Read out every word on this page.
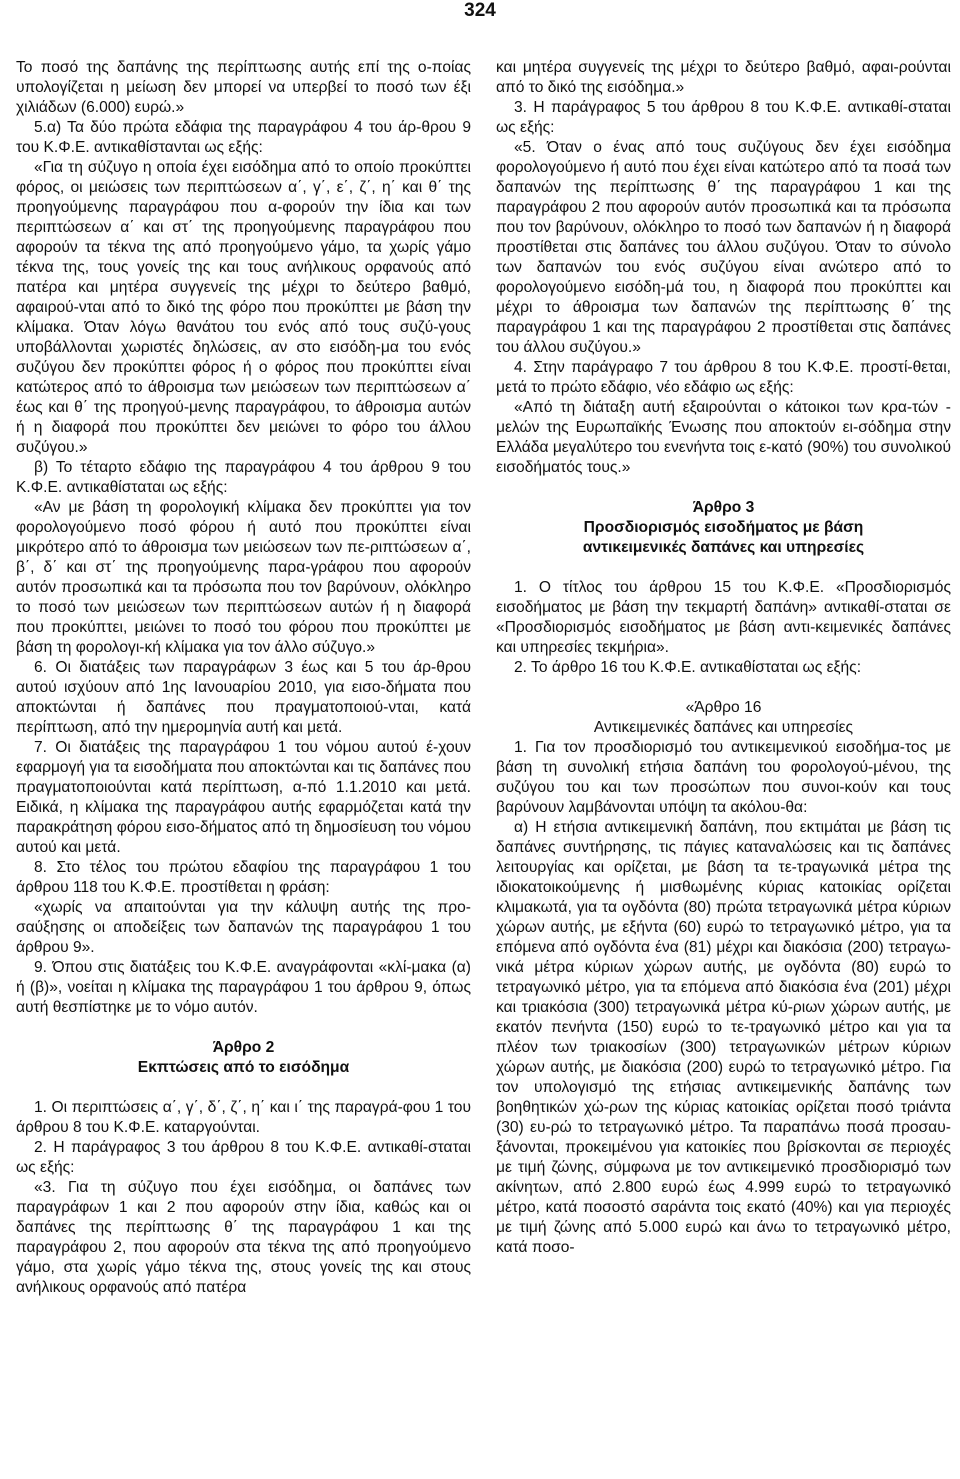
324

Το ποσό της δαπάνης της περίπτωσης αυτής επί της ο-ποίας υπολογίζεται η μείωση δεν μπορεί να υπερβεί το ποσό των έξι χιλιάδων (6.000) ευρώ.»

5.α) Τα δύο πρώτα εδάφια της παραγράφου 4 του άρ-θρου 9 του Κ.Φ.Ε. αντικαθίστανται ως εξής:

«Για τη σύζυγο η οποία έχει εισόδημα από το οποίο προκύπτει φόρος, οι μειώσεις των περιπτώσεων α΄, γ΄, ε΄, ζ΄, η΄ και θ΄ της προηγούμενης παραγράφου που α-φορούν την ίδια και των περιπτώσεων α΄ και στ΄ της προηγούμενης παραγράφου που αφορούν τα τέκνα της από προηγούμενο γάμο, τα χωρίς γάμο τέκνα της, τους γονείς της και τους ανήλικους ορφανούς από πατέρα και μητέρα συγγενείς της μέχρι το δεύτερο βαθμό, αφαιρού-νται από το δικό της φόρο που προκύπτει με βάση την κλίμακα. Όταν λόγω θανάτου του ενός από τους συζύ-γους υποβάλλονται χωριστές δηλώσεις, αν στο εισόδη-μα του ενός συζύγου δεν προκύπτει φόρος ή ο φόρος που προκύπτει είναι κατώτερος από το άθροισμα των μειώσεων των περιπτώσεων α΄ έως και θ΄ της προηγού-μενης παραγράφου, το άθροισμα αυτών ή η διαφορά που προκύπτει δεν μειώνει το φόρο του άλλου συζύγου.»

β) Το τέταρτο εδάφιο της παραγράφου 4 του άρθρου 9 του Κ.Φ.Ε. αντικαθίσταται ως εξής:

«Αν με βάση τη φορολογική κλίμακα δεν προκύπτει για τον φορολογούμενο ποσό φόρου ή αυτό που προκύπτει είναι μικρότερο από το άθροισμα των μειώσεων των πε-ριπτώσεων α΄, β΄, δ΄ και στ΄ της προηγούμενης παρα-γράφου που αφορούν αυτόν προσωπικά και τα πρόσωπα που τον βαρύνουν, ολόκληρο το ποσό των μειώσεων των περιπτώσεων αυτών ή η διαφορά που προκύπτει, μειώνει το ποσό του φόρου που προκύπτει με βάση τη φορολογι-κή κλίμακα για τον άλλο σύζυγο.»

6. Οι διατάξεις των παραγράφων 3 έως και 5 του άρ-θρου αυτού ισχύουν από 1ης Ιανουαρίου 2010, για εισο-δήματα που αποκτώνται ή δαπάνες που πραγματοποιού-νται, κατά περίπτωση, από την ημερομηνία αυτή και μετά.

7. Οι διατάξεις της παραγράφου 1 του νόμου αυτού έ-χουν εφαρμογή για τα εισοδήματα που αποκτώνται και τις δαπάνες που πραγματοποιούνται κατά περίπτωση, α-πό 1.1.2010 και μετά. Ειδικά, η κλίμακα της παραγράφου αυτής εφαρμόζεται κατά την παρακράτηση φόρου εισο-δήματος από τη δημοσίευση του νόμου αυτού και μετά.

8. Στο τέλος του πρώτου εδαφίου της παραγράφου 1 του άρθρου 118 του Κ.Φ.Ε. προστίθεται η φράση:

«χωρίς να απαιτούνται για την κάλυψη αυτής της προ-σαύξησης οι αποδείξεις των δαπανών της παραγράφου 1 του άρθρου 9».

9. Όπου στις διατάξεις του Κ.Φ.Ε. αναγράφονται «κλί-μακα (α) ή (β)», νοείται η κλίμακα της παραγράφου 1 του άρθρου 9, όπως αυτή θεσπίστηκε με το νόμο αυτόν.

Άρθρο 2

Εκπτώσεις από το εισόδημα

1. Οι περιπτώσεις α΄, γ΄, δ΄, ζ΄, η΄ και ι΄ της παραγρά-φου 1 του άρθρου 8 του Κ.Φ.Ε. καταργούνται.

2. Η παράγραφος 3 του άρθρου 8 του Κ.Φ.Ε. αντικαθί-σταται ως εξής:

«3. Για τη σύζυγο που έχει εισόδημα, οι δαπάνες των παραγράφων 1 και 2 που αφορούν στην ίδια, καθώς και οι δαπάνες της περίπτωσης θ΄ της παραγράφου 1 και της παραγράφου 2, που αφορούν στα τέκνα της από προηγούμενο γάμο, στα χωρίς γάμο τέκνα της, στους γονείς της και στους ανήλικους ορφανούς από πατέρα

και μητέρα συγγενείς της μέχρι το δεύτερο βαθμό, αφαι-ρούνται από το δικό της εισόδημα.»

3. Η παράγραφος 5 του άρθρου 8 του Κ.Φ.Ε. αντικαθί-σταται ως εξής:

«5. Όταν ο ένας από τους συζύγους δεν έχει εισόδημα φορολογούμενο ή αυτό που έχει είναι κατώτερο από τα ποσά των δαπανών της περίπτωσης θ΄ της παραγράφου 1 και της παραγράφου 2 που αφορούν αυτόν προσωπικά και τα πρόσωπα που τον βαρύνουν, ολόκληρο το ποσό των δαπανών ή η διαφορά προστίθεται στις δαπάνες του άλλου συζύγου. Όταν το σύνολο των δαπανών του ενός συζύγου είναι ανώτερο από το φορολογούμενο εισόδη-μά του, η διαφορά που προκύπτει και μέχρι το άθροισμα των δαπανών της περίπτωσης θ΄ της παραγράφου 1 και της παραγράφου 2 προστίθεται στις δαπάνες του άλλου συζύγου.»

4. Στην παράγραφο 7 του άρθρου 8 του Κ.Φ.Ε. προστί-θεται, μετά το πρώτο εδάφιο, νέο εδάφιο ως εξής:

«Από τη διάταξη αυτή εξαιρούνται ο κάτοικοι των κρα-τών - μελών της Ευρωπαϊκής Ένωσης που αποκτούν ει-σόδημα στην Ελλάδα μεγαλύτερο του ενενήντα τοις ε-κατό (90%) του συνολικού εισοδήματός τους.»

Άρθρο 3

Προσδιορισμός εισοδήματος με βάση

αντικειμενικές δαπάνες και υπηρεσίες

1. Ο τίτλος του άρθρου 15 του Κ.Φ.Ε. «Προσδιορισμός εισοδήματος με βάση την τεκμαρτή δαπάνη» αντικαθί-σταται σε «Προσδιορισμός εισοδήματος με βάση αντι-κειμενικές δαπάνες και υπηρεσίες τεκμήρια».

2. Το άρθρο 16 του Κ.Φ.Ε. αντικαθίσταται ως εξής:

«Άρθρο 16

Αντικειμενικές δαπάνες και υπηρεσίες

1. Για τον προσδιορισμό του αντικειμενικού εισοδήμα-τος με βάση τη συνολική ετήσια δαπάνη του φορολογού-μένου, της συζύγου του και των προσώπων που συνοι-κούν και τους βαρύνουν λαμβάνονται υπόψη τα ακόλου-θα:

α) Η ετήσια αντικειμενική δαπάνη, που εκτιμάται με βάση τις δαπάνες συντήρησης, τις πάγιες καταναλώσεις και τις δαπάνες λειτουργίας και ορίζεται, με βάση τα τε-τραγωνικά μέτρα της ιδιοκατοικούμενης ή μισθωμένης κύριας κατοικίας ορίζεται κλιμακωτά, για τα ογδόντα (80) πρώτα τετραγωνικά μέτρα κύριων χώρων αυτής, με εξήντα (60) ευρώ το τετραγωνικό μέτρο, για τα επόμενα από ογδόντα ένα (81) μέχρι και διακόσια (200) τετραγω-νικά μέτρα κύριων χώρων αυτής, με ογδόντα (80) ευρώ το τετραγωνικό μέτρο, για τα επόμενα από διακόσια ένα (201) μέχρι και τριακόσια (300) τετραγωνικά μέτρα κύ-ριων χώρων αυτής, με εκατόν πενήντα (150) ευρώ το τε-τραγωνικό μέτρο και για τα πλέον των τριακοσίων (300) τετραγωνικών μέτρων κύριων χώρων αυτής, με διακόσια (200) ευρώ το τετραγωνικό μέτρο. Για τον υπολογισμό της ετήσιας αντικειμενικής δαπάνης των βοηθητικών χώ-ρων της κύριας κατοικίας ορίζεται ποσό τριάντα (30) ευ-ρώ το τετραγωνικό μέτρο. Τα παραπάνω ποσά προσαυ-ξάνονται, προκειμένου για κατοικίες που βρίσκονται σε περιοχές με τιμή ζώνης, σύμφωνα με τον αντικειμενικό προσδιορισμό των ακίνητων, από 2.800 ευρώ έως 4.999 ευρώ το τετραγωνικό μέτρο, κατά ποσοστό σαράντα τοις εκατό (40%) και για περιοχές με τιμή ζώνης από 5.000 ευρώ και άνω το τετραγωνικό μέτρο, κατά ποσο-
